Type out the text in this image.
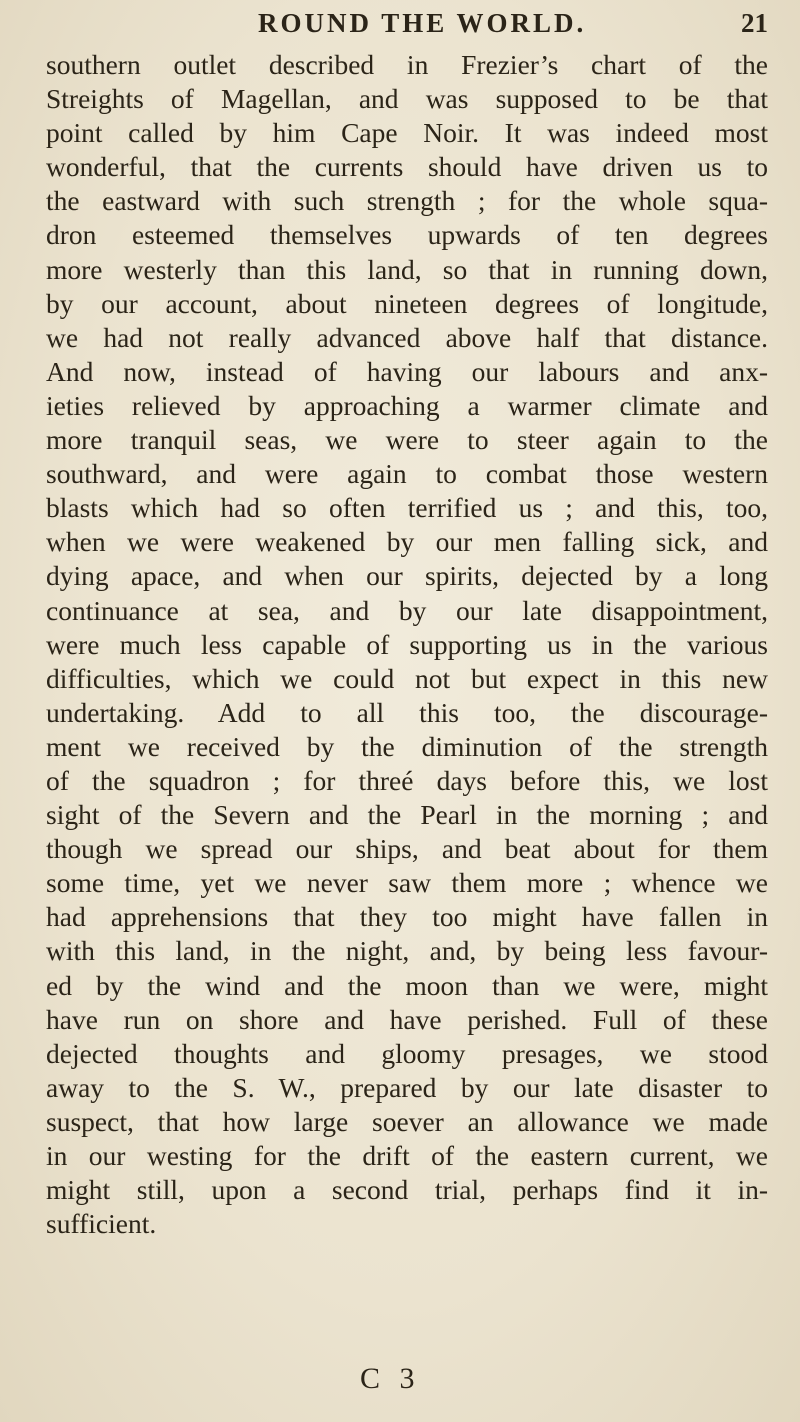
ROUND THE WORLD.	21
southern outlet described in Frezier’s chart of the
Streights of Magellan, and was supposed to be that
point called by him Cape Noir. It was indeed most
wonderful, that the currents should have driven us to
the eastward with such strength ; for the whole squa-
dron esteemed themselves upwards of ten degrees
more westerly than this land, so that in running down,
by our account, about nineteen degrees of longitude,
we had not really advanced above half that distance.
And now, instead of having our labours and anx-
ieties relieved by approaching a warmer climate and
more tranquil seas, we were to steer again to the
southward, and were again to combat those western
blasts which had so often terrified us ; and this, too,
when we were weakened by our men falling sick, and
dying apace, and when our spirits, dejected by a long
continuance at sea, and by our late disappointment,
were much less capable of supporting us in the various
difficulties, which we could not but expect in this new
undertaking. Add to all this too, the discourage-
ment we received by the diminution of the strength
of the squadron ; for threé days before this, we lost
sight of the Severn and the Pearl in the morning ; and
though we spread our ships, and beat about for them
some time, yet we never saw them more ; whence we
had apprehensions that they too might have fallen in
with this land, in the night, and, by being less favour-
ed by the wind and the moon than we were, might
have run on shore and have perished. Full of these
dejected thoughts and gloomy presages, we stood
away to the S. W., prepared by our late disaster to
suspect, that how large soever an allowance we made
in our westing for the drift of the eastern current, we
might still, upon a second trial, perhaps find it in-
sufficient.
C 3
